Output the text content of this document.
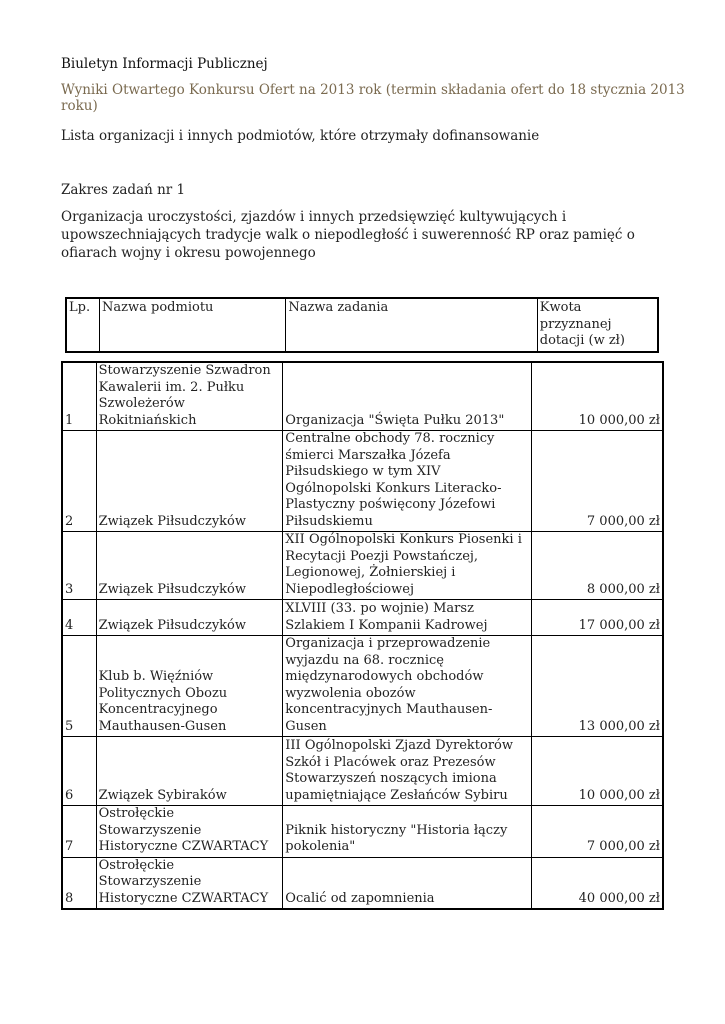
Biuletyn Informacji Publicznej
Wyniki Otwartego Konkursu Ofert na 2013 rok (termin składania ofert do 18 stycznia 2013 roku)
Lista organizacji i innych podmiotów, które otrzymały dofinansowanie
Zakres zadań nr 1
Organizacja uroczystości, zjazdów i innych przedsięwzięć kultywujących i upowszechniających tradycje walk o niepodległość i suwerenność RP oraz pamięć o ofiarach wojny i okresu powojennego
Lp.	Nazwa podmiotu	Nazwa zadania	Kwota przyznanej dotacji (w zł)
1	Stowarzyszenie Szwadron Kawalerii im. 2. Pułku Szwoleżerów Rokitniańskich	Organizacja "Święta Pułku 2013"	10 000,00 zł
2	Związek Piłsudczyków	Centralne obchody 78. rocznicy śmierci Marszałka Józefa Piłsudskiego w tym XIV Ogólnopolski Konkurs Literacko-Plastyczny poświęcony Józefowi Piłsudskiemu	7 000,00 zł
3	Związek Piłsudczyków	XII Ogólnopolski Konkurs Piosenki i Recytacji Poezji Powstańczej, Legionowej, Żołnierskiej i Niepodległościowej	8 000,00 zł
4	Związek Piłsudczyków	XLVIII (33. po wojnie) Marsz Szlakiem I Kompanii Kadrowej	17 000,00 zł
5	Klub b. Więźniów Politycznych Obozu Koncentracyjnego Mauthausen-Gusen	Organizacja i przeprowadzenie wyjazdu na 68. rocznicę międzynarodowych obchodów wyzwolenia obozów koncentracyjnych Mauthausen-Gusen	13 000,00 zł
6	Związek Sybiraków	III Ogólnopolski Zjazd Dyrektorów Szkół i Placówek oraz Prezesów Stowarzyszeń noszących imiona upamiętniające Zesłańców Sybiru	10 000,00 zł
7	Ostrołęckie Stowarzyszenie Historyczne CZWARTACY	Piknik historyczny "Historia łączy pokolenia"	7 000,00 zł
8	Ostrołęckie Stowarzyszenie Historyczne CZWARTACY	Ocalić od zapomnienia	40 000,00 zł
